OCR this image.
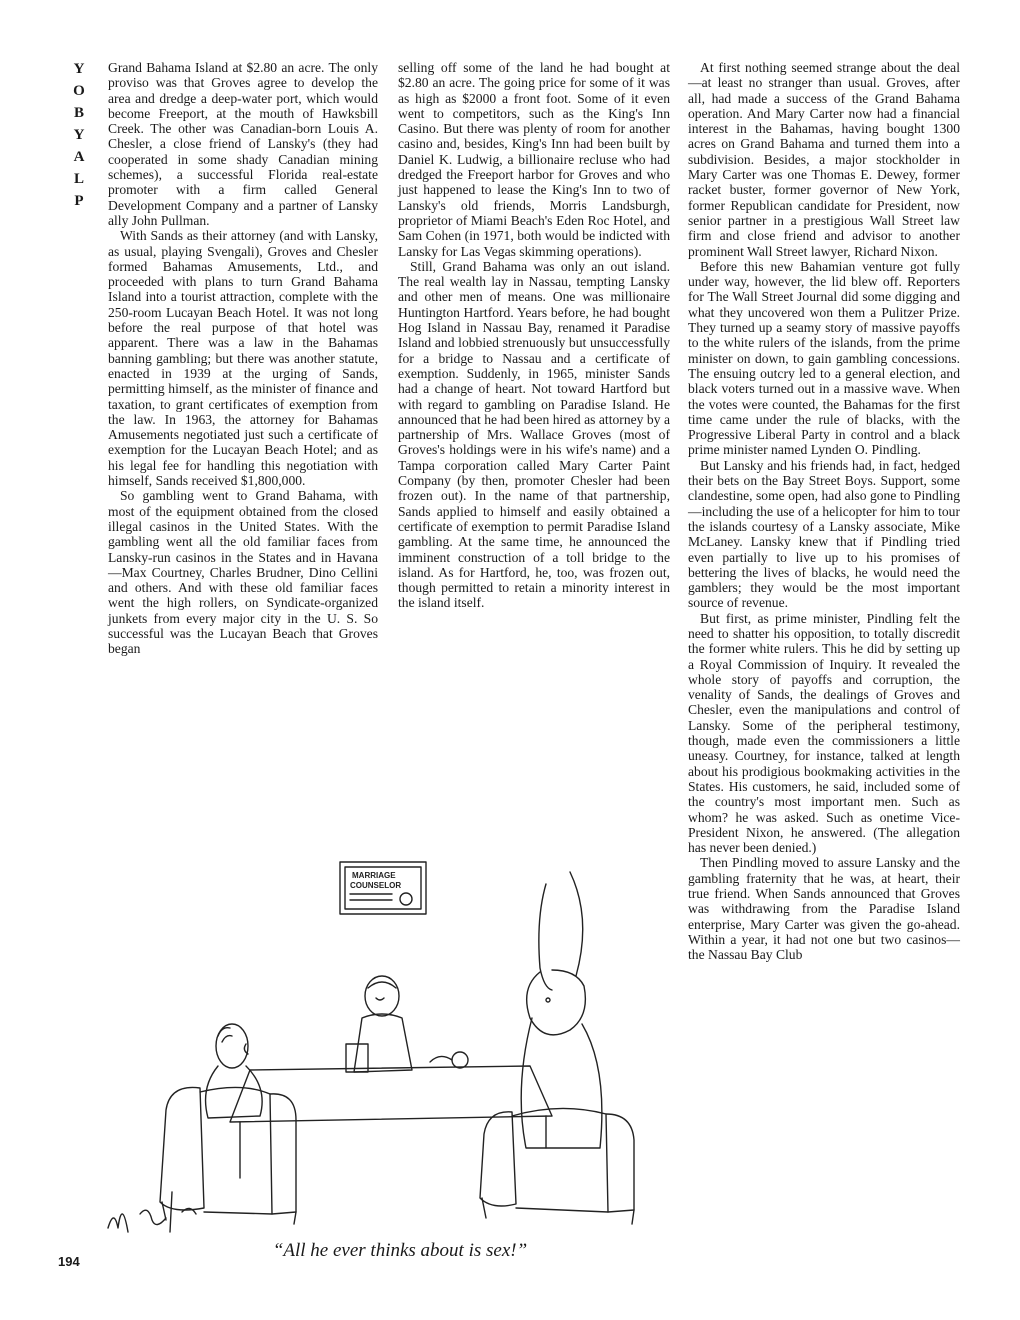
Y
O
B
Y
A
L
P

Grand Bahama Island at $2.80 an acre. The only proviso was that Groves agree to develop the area and dredge a deep-water port, which would become Freeport, at the mouth of Hawksbill Creek. The other was Canadian-born Louis A. Chesler, a close friend of Lansky's (they had cooperated in some shady Canadian mining schemes), a successful Florida real-estate promoter with a firm called General Development Company and a partner of Lansky ally John Pullman.

With Sands as their attorney (and with Lansky, as usual, playing Svengali), Groves and Chesler formed Bahamas Amusements, Ltd., and proceeded with plans to turn Grand Bahama Island into a tourist attraction, complete with the 250-room Lucayan Beach Hotel. It was not long before the real purpose of that hotel was apparent. There was a law in the Bahamas banning gambling; but there was another statute, enacted in 1939 at the urging of Sands, permitting himself, as the minister of finance and taxation, to grant certificates of exemption from the law. In 1963, the attorney for Bahamas Amusements negotiated just such a certificate of exemption for the Lucayan Beach Hotel; and as his legal fee for handling this negotiation with himself, Sands received $1,800,000.

So gambling went to Grand Bahama, with most of the equipment obtained from the closed illegal casinos in the United States. With the gambling went all the old familiar faces from Lansky-run casinos in the States and in Havana—Max Courtney, Charles Brudner, Dino Cellini and others. And with these old familiar faces went the high rollers, on Syndicate-organized junkets from every major city in the U. S. So successful was the Lucayan Beach that Groves began

selling off some of the land he had bought at $2.80 an acre. The going price for some of it was as high as $2000 a front foot. Some of it even went to competitors, such as the King's Inn Casino. But there was plenty of room for another casino and, besides, King's Inn had been built by Daniel K. Ludwig, a billionaire recluse who had dredged the Freeport harbor for Groves and who just happened to lease the King's Inn to two of Lansky's old friends, Morris Landsburgh, proprietor of Miami Beach's Eden Roc Hotel, and Sam Cohen (in 1971, both would be indicted with Lansky for Las Vegas skimming operations).

Still, Grand Bahama was only an out island. The real wealth lay in Nassau, tempting Lansky and other men of means. One was millionaire Huntington Hartford. Years before, he had bought Hog Island in Nassau Bay, renamed it Paradise Island and lobbied strenuously but unsuccessfully for a bridge to Nassau and a certificate of exemption. Suddenly, in 1965, minister Sands had a change of heart. Not toward Hartford but with regard to gambling on Paradise Island. He announced that he had been hired as attorney by a partnership of Mrs. Wallace Groves (most of Groves's holdings were in his wife's name) and a Tampa corporation called Mary Carter Paint Company (by then, promoter Chesler had been frozen out). In the name of that partnership, Sands applied to himself and easily obtained a certificate of exemption to permit Paradise Island gambling. At the same time, he announced the imminent construction of a toll bridge to the island. As for Hartford, he, too, was frozen out, though permitted to retain a minority interest in the island itself.

At first nothing seemed strange about the deal—at least no stranger than usual. Groves, after all, had made a success of the Grand Bahama operation. And Mary Carter now had a financial interest in the Bahamas, having bought 1300 acres on Grand Bahama and turned them into a subdivision. Besides, a major stockholder in Mary Carter was one Thomas E. Dewey, former racket buster, former governor of New York, former Republican candidate for President, now senior partner in a prestigious Wall Street law firm and close friend and advisor to another prominent Wall Street lawyer, Richard Nixon.

Before this new Bahamian venture got fully under way, however, the lid blew off. Reporters for The Wall Street Journal did some digging and what they uncovered won them a Pulitzer Prize. They turned up a seamy story of massive payoffs to the white rulers of the islands, from the prime minister on down, to gain gambling concessions. The ensuing outcry led to a general election, and black voters turned out in a massive wave. When the votes were counted, the Bahamas for the first time came under the rule of blacks, with the Progressive Liberal Party in control and a black prime minister named Lynden O. Pindling.

But Lansky and his friends had, in fact, hedged their bets on the Bay Street Boys. Support, some clandestine, some open, had also gone to Pindling—including the use of a helicopter for him to tour the islands courtesy of a Lansky associate, Mike McLaney. Lansky knew that if Pindling tried even partially to live up to his promises of bettering the lives of blacks, he would need the gamblers; they would be the most important source of revenue.

But first, as prime minister, Pindling felt the need to shatter his opposition, to totally discredit the former white rulers. This he did by setting up a Royal Commission of Inquiry. It revealed the whole story of payoffs and corruption, the venality of Sands, the dealings of Groves and Chesler, even the manipulations and control of Lansky. Some of the peripheral testimony, though, made even the commissioners a little uneasy. Courtney, for instance, talked at length about his prodigious bookmaking activities in the States. His customers, he said, included some of the country's most important men. Such as whom? he was asked. Such as onetime Vice-President Nixon, he answered. (The allegation has never been denied.)

Then Pindling moved to assure Lansky and the gambling fraternity that he was, at heart, their true friend. When Sands announced that Groves was withdrawing from the Paradise Island enterprise, Mary Carter was given the go-ahead. Within a year, it had not one but two casinos—the Nassau Bay Club

MARRIAGE
COUNSELOR
“All he ever thinks about is sex!”
194
